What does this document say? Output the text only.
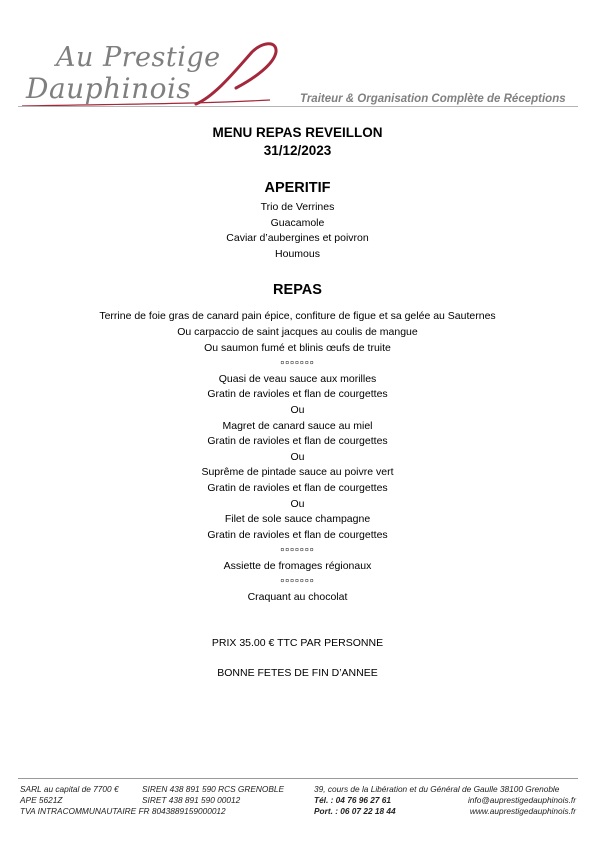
Au Prestige
Dauphinois	Traiteur & Organisation Complète de Réceptions
MENU REPAS REVEILLON
31/12/2023
APERITIF
Trio de Verrines
Guacamole
Caviar d’aubergines et poivron
Houmous
REPAS
Terrine de foie gras de canard pain épice, confiture de figue et sa gelée au Sauternes
Ou carpaccio de saint jacques au coulis de mangue
Ou saumon fumé et blinis œufs de truite
¤¤¤¤¤¤¤
Quasi de veau sauce aux morilles
Gratin de ravioles et flan de courgettes
Ou
Magret de canard sauce au miel
Gratin de ravioles et flan de courgettes
Ou
Suprême de pintade sauce au poivre vert
Gratin de ravioles et flan de courgettes
Ou
Filet de sole sauce champagne
Gratin de ravioles et flan de courgettes
¤¤¤¤¤¤¤
Assiette de fromages régionaux
¤¤¤¤¤¤¤
Craquant au chocolat
PRIX 35.00 € TTC PAR PERSONNE
BONNE FETES DE FIN D’ANNEE
SARL au capital de 7700 €	SIREN 438 891 590 RCS GRENOBLE	39, cours de la Libération et du Général de Gaulle 38100 Grenoble
APE 5621Z	SIRET 438 891 590 00012	Tél. : 04 76 96 27 61	info@auprestigedauphinois.fr
TVA INTRACOMMUNAUTAIRE FR 8043889159000012	Port. : 06 07 22 18 44	www.auprestigedauphinois.fr
